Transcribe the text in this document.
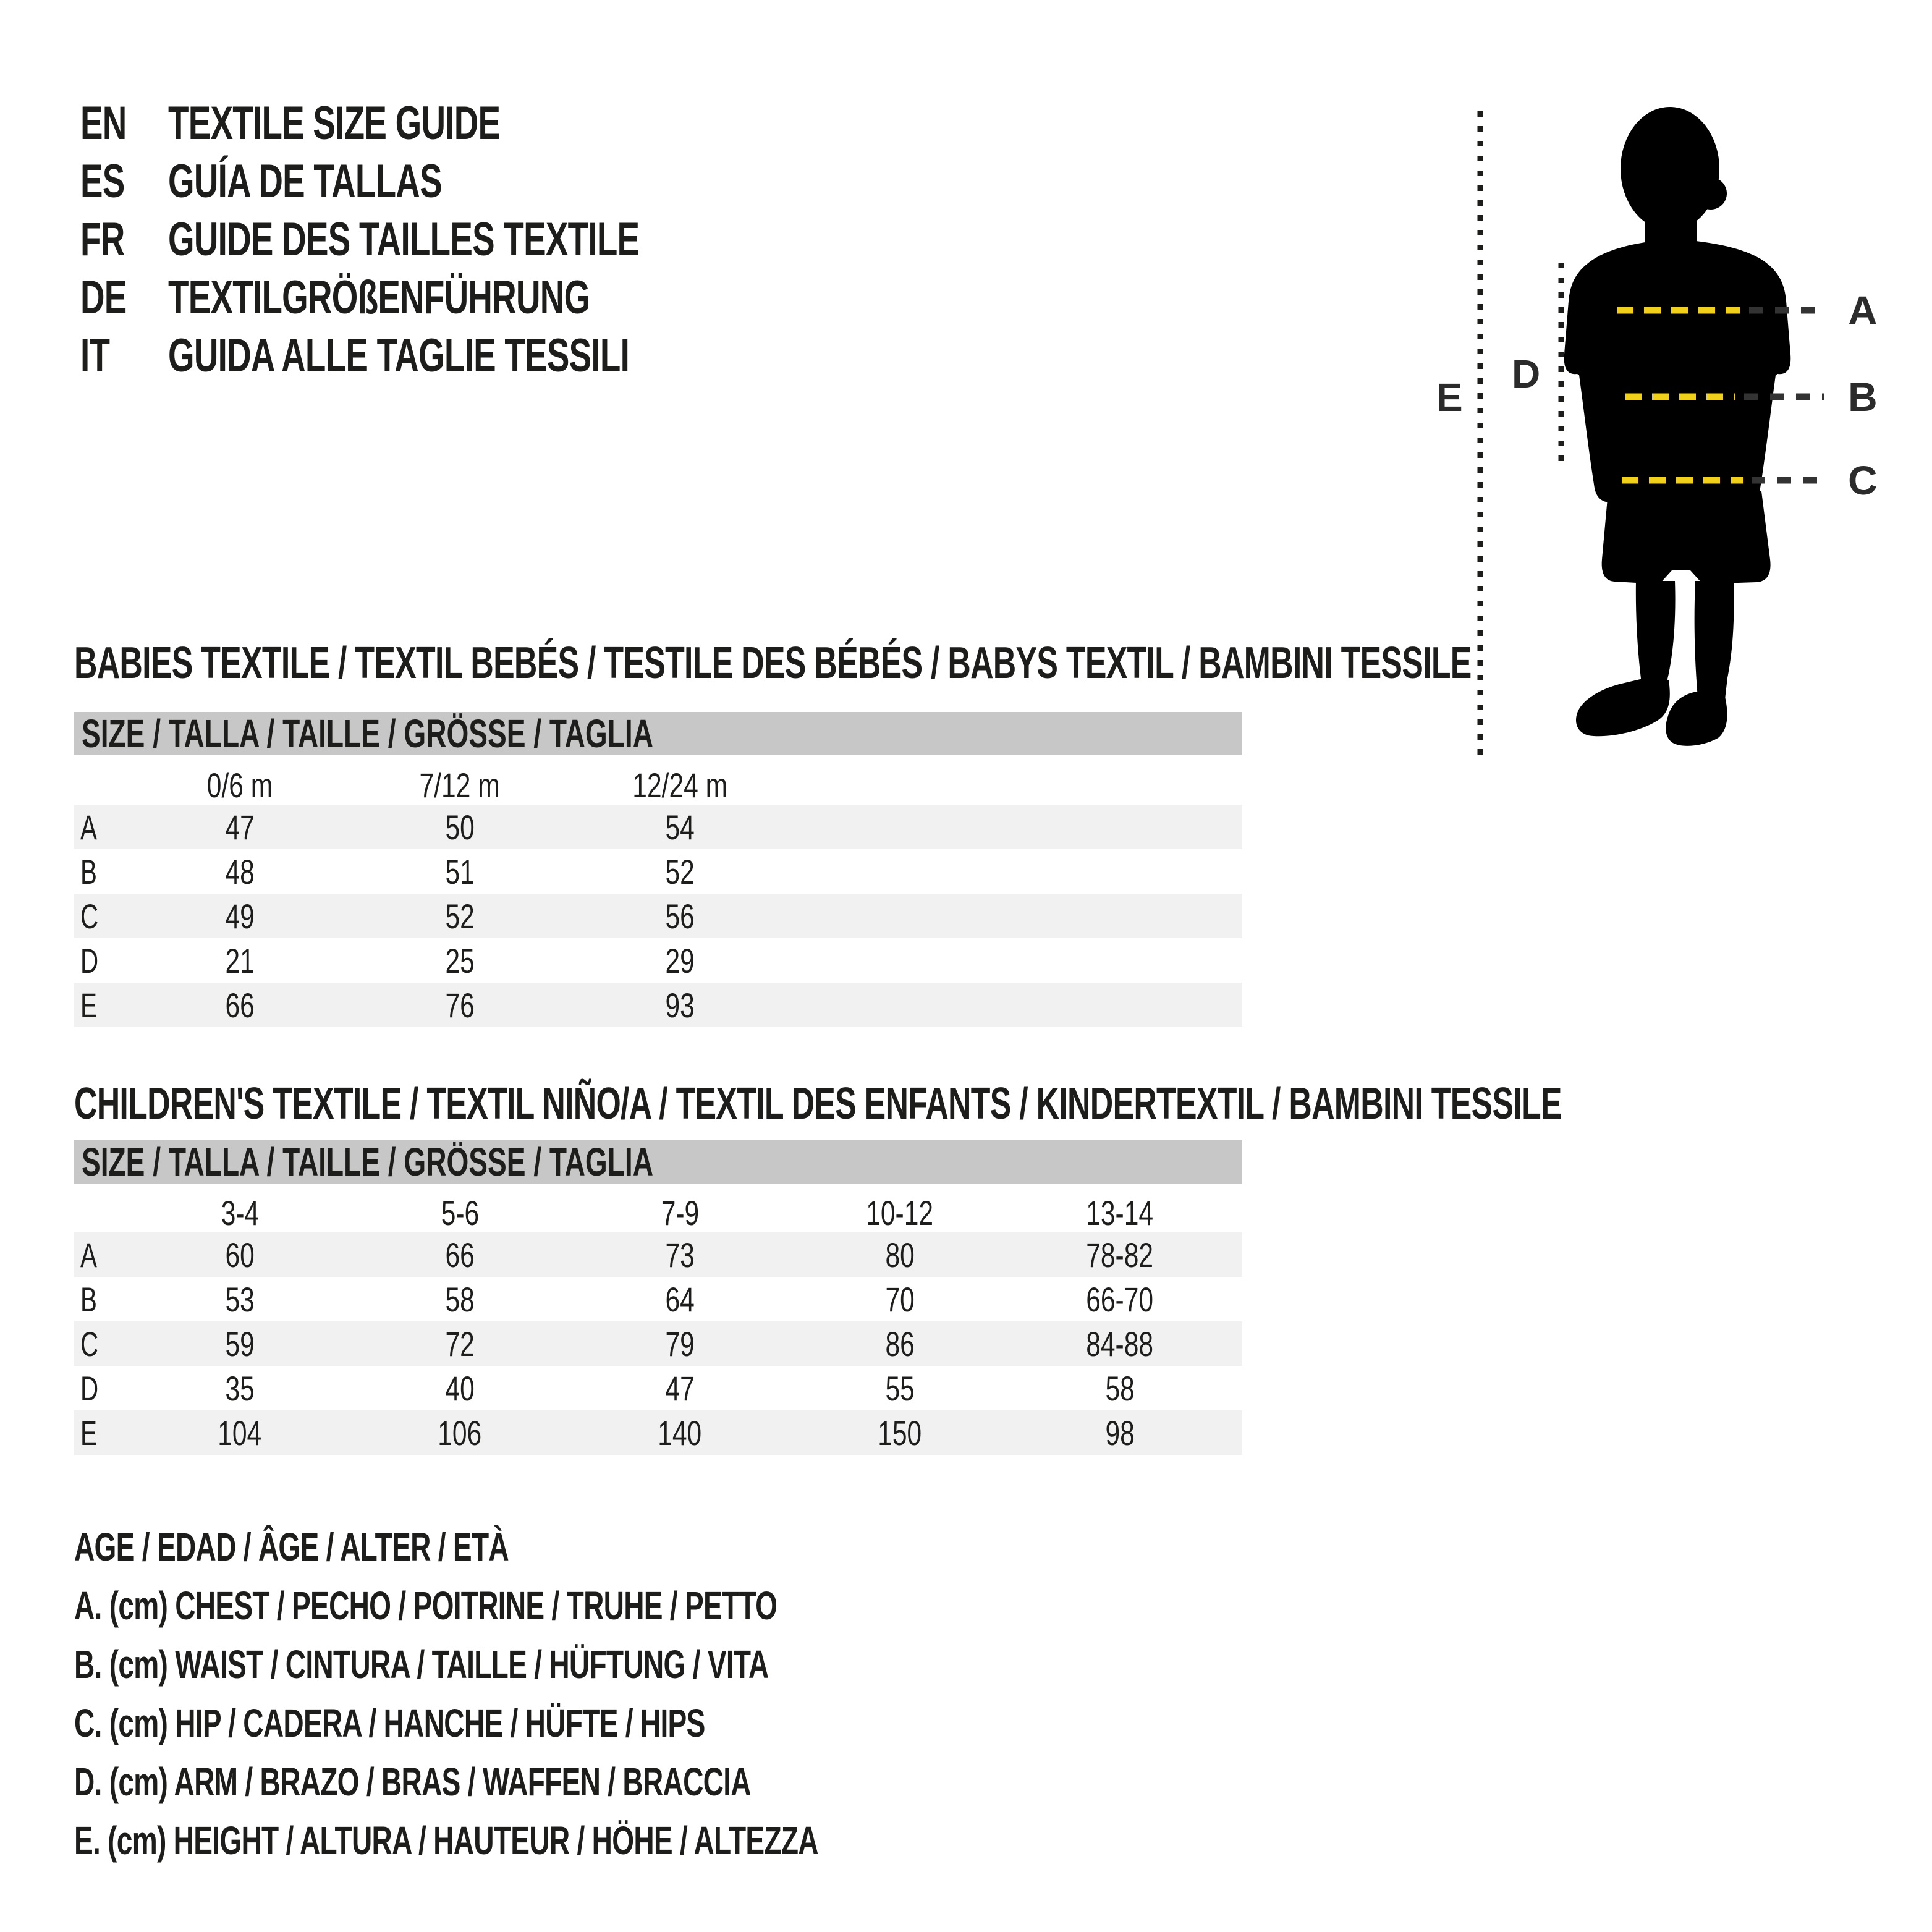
EN TEXTILE SIZE GUIDE
ES GUÍA DE TALLAS
FR GUIDE DES TAILLES TEXTILE
DE TEXTILGRÖßENFÜHRUNG
IT	GUIDA ALLE TAGLIE TESSILI
E
D
A
B
C
BABIES TEXTILE / TEXTIL BEBÉS / TESTILE DES BÉBÉS / BABYS TEXTIL / BAMBINI TESSILE
SIZE / TALLA / TAILLE / GRÖSSE / TAGLIA
0/6 m	7/12 m	12/24 m
A	47	50	54
B	48	51	52
C	49	52	56
D	21	25	29
E	66	76	93
CHILDREN'S TEXTILE / TEXTIL NIÑO/A / TEXTIL DES ENFANTS / KINDERTEXTIL / BAMBINI TESSILE
SIZE / TALLA / TAILLE / GRÖSSE / TAGLIA
3-4	5-6	7-9	10-12	13-14
A	60	66	73	80	78-82
B	53	58	64	70	66-70
C	59	72	79	86	84-88
D	35	40	47	55	58
E	104	106	140	150	98
AGE / EDAD / ÂGE / ALTER / ETÀ
A. (cm) CHEST / PECHO / POITRINE / TRUHE / PETTO
B. (cm) WAIST / CINTURA / TAILLE / HÜFTUNG / VITA
C. (cm) HIP / CADERA / HANCHE / HÜFTE / HIPS
D. (cm) ARM / BRAZO / BRAS / WAFFEN / BRACCIA
E. (cm) HEIGHT / ALTURA / HAUTEUR / HÖHE / ALTEZZA
